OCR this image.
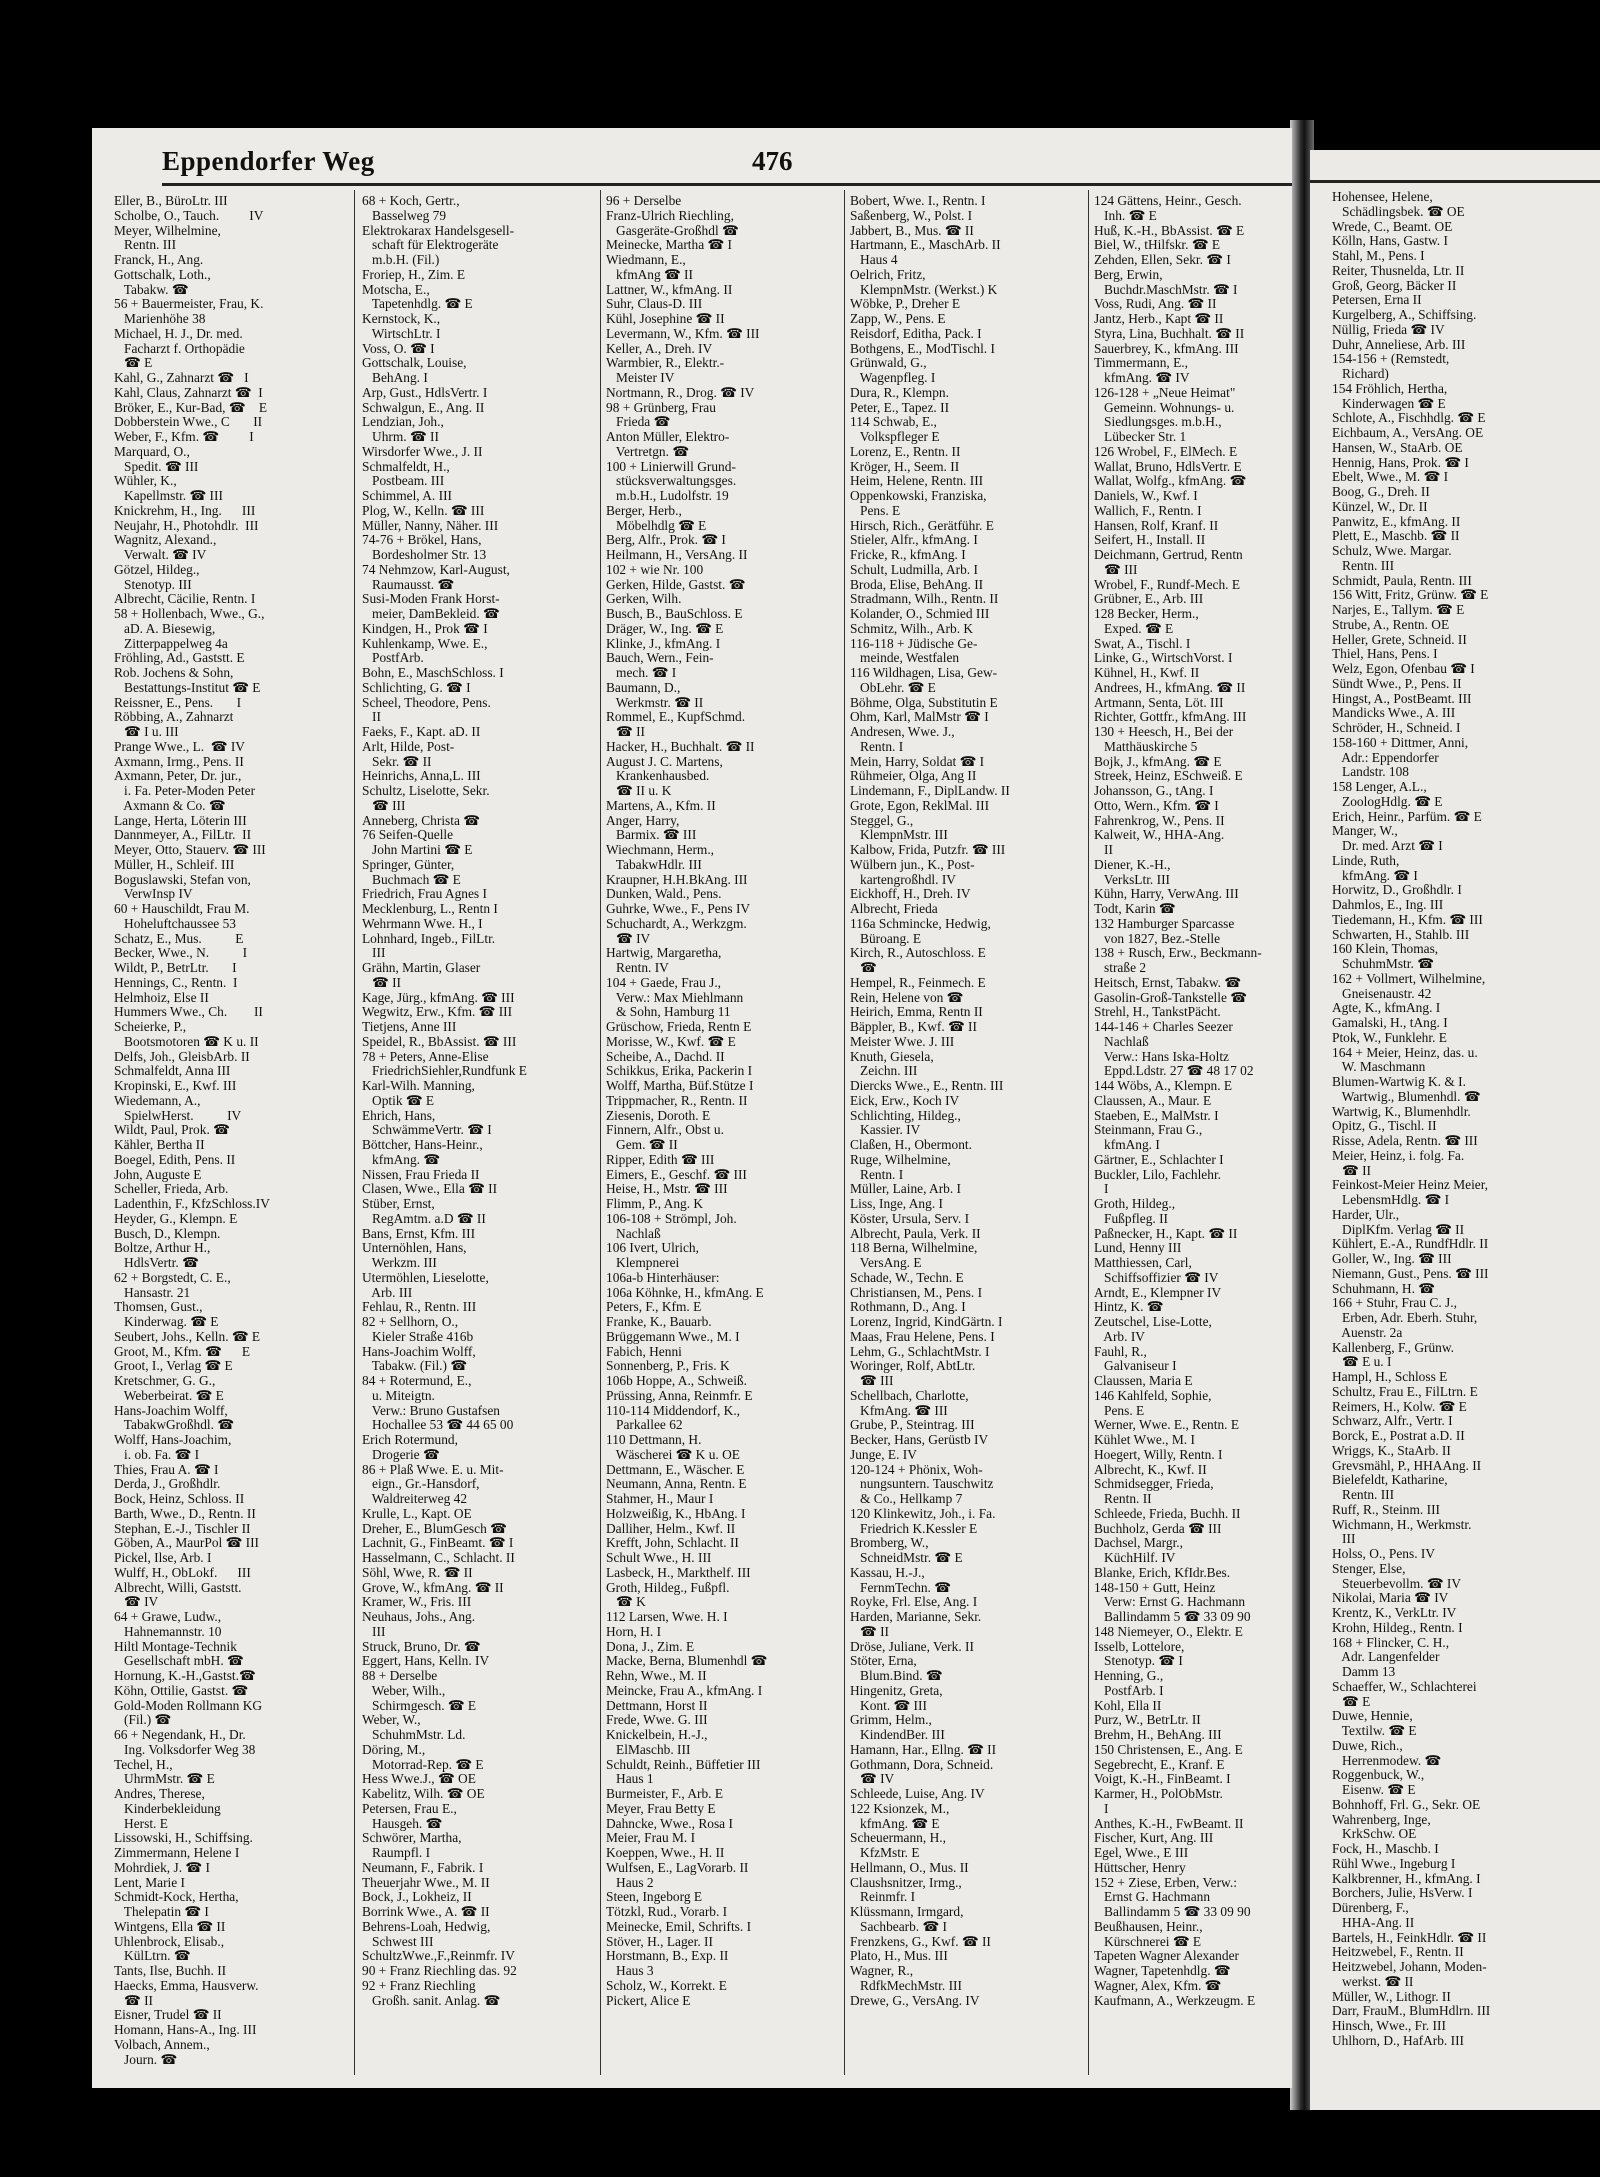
Eppendorfer Weg	476
Eller, B., BüroLtr. III
Scholbe, O., Tauch.         IV
Meyer, Wilhelmine,
Rentn. III
Franck, H., Ang.
Gottschalk, Loth.,
Tabakw. ☎
56 + Bauermeister, Frau, K.
Marienhöhe 38
Michael, H. J., Dr. med.
Facharzt f. Orthopädie
☎ E
Kahl, G., Zahnarzt ☎   I
Kahl, Claus, Zahnarzt ☎  I
Bröker, E., Kur-Bad, ☎    E
Dobberstein Wwe., C       II
Weber, F., Kfm. ☎         I
Marquard, O.,
Spedit. ☎ III
Wühler, K.,
Kapellmstr. ☎ III
Knickrehm, H., Ing.      III
Neujahr, H., Photohdlr.  III
Wagnitz, Alexand.,
Verwalt. ☎ IV
Götzel, Hildeg.,
Stenotyp. III
Albrecht, Cäcilie, Rentn. I
58 + Hollenbach, Wwe., G.,
aD. A. Biesewig,
Zitterpappelweg 4a
Fröhling, Ad., Gaststt. E
Rob. Jochens & Sohn,
Bestattungs-Institut ☎ E
Reissner, E., Pens.       I
Röbbing, A., Zahnarzt
☎ I u. III
Prange Wwe., L.  ☎ IV
Axmann, Irmg., Pens. II
Axmann, Peter, Dr. jur.,
i. Fa. Peter-Moden Peter
Axmann & Co. ☎
Lange, Herta, Löterin III
Dannmeyer, A., FilLtr.  II
Meyer, Otto, Stauerv. ☎ III
Müller, H., Schleif. III
Boguslawski, Stefan von,
VerwInsp IV
60 + Hauschildt, Frau M.
Hoheluftchaussee 53
Schatz, E., Mus.          E
Becker, Wwe., N.          I
Wildt, P., BetrLtr.       I
Hennings, C., Rentn.  I
Helmhoiz, Else II
Hummers Wwe., Ch.        II
Scheierke, P.,
Bootsmotoren ☎ K u. II
Delfs, Joh., GleisbArb. II
Schmalfeldt, Anna III
Kropinski, E., Kwf. III
Wiedemann, A.,
SpielwHerst.          IV
Wildt, Paul, Prok. ☎
Kähler, Bertha II
Boegel, Edith, Pens. II
John, Auguste E
Scheller, Frieda, Arb.
Ladenthin, F., KfzSchloss.IV
Heyder, G., Klempn. E
Busch, D., Klempn.
Boltze, Arthur H.,
HdlsVertr. ☎
62 + Borgstedt, C. E.,
Hansastr. 21
Thomsen, Gust.,
Kinderwag. ☎ E
Seubert, Johs., Kelln. ☎ E
Groot, M., Kfm. ☎      E
Groot, I., Verlag ☎ E
Kretschmer, G. G.,
Weberbeirat. ☎ E
Hans-Joachim Wolff,
TabakwGroßhdl. ☎
Wolff, Hans-Joachim,
i. ob. Fa. ☎ I
Thies, Frau A. ☎ I
Derda, J., Großhdlr.
Bock, Heinz, Schloss. II
Barth, Wwe., D., Rentn. II
Stephan, E.-J., Tischler II
Göben, A., MaurPol ☎ III
Pickel, Ilse, Arb. I
Wulff, H., ObLokf.      III
Albrecht, Willi, Gaststt.
☎ IV
64 + Grawe, Ludw.,
Hahnemannstr. 10
Hiltl Montage-Technik
Gesellschaft mbH. ☎
Hornung, K.-H.,Gastst.☎
Köhn, Ottilie, Gastst. ☎
Gold-Moden Rollmann KG
(Fil.) ☎
66 + Negendank, H., Dr.
Ing. Volksdorfer Weg 38
Techel, H.,
UhrmMstr. ☎ E
Andres, Therese,
Kinderbekleidung
Herst. E
Lissowski, H., Schiffsing.
Zimmermann, Helene I
Mohrdiek, J. ☎ I
Lent, Marie I
Schmidt-Kock, Hertha,
Thelepatin ☎ I
Wintgens, Ella ☎ II
Uhlenbrock, Elisab.,
KülLtrn. ☎
Tants, Ilse, Buchh. II
Haecks, Emma, Hausverw.
☎ II
Eisner, Trudel ☎ II
Homann, Hans-A., Ing. III
Volbach, Annem.,
Journ. ☎
68 + Koch, Gertr.,
Basselweg 79
Elektrokarax Handelsgesell-
schaft für Elektrogeräte
m.b.H. (Fil.)
Froriep, H., Zim. E
Motscha, E.,
Tapetenhdlg. ☎ E
Kernstock, K.,
WirtschLtr. I
Voss, O. ☎ I
Gottschalk, Louise,
BehAng. I
Arp, Gust., HdlsVertr. I
Schwalgun, E., Ang. II
Lendzian, Joh.,
Uhrm. ☎ II
Wirsdorfer Wwe., J. II
Schmalfeldt, H.,
Postbeam. III
Schimmel, A. III
Plog, W., Kelln. ☎ III
Müller, Nanny, Näher. III
74-76 + Brökel, Hans,
Bordesholmer Str. 13
74 Nehmzow, Karl-August,
Raumausst. ☎
Susi-Moden Frank Horst-
meier, DamBekleid. ☎
Kindgen, H., Prok ☎ I
Kuhlenkamp, Wwe. E.,
PostfArb.
Bohn, E., MaschSchloss. I
Schlichting, G. ☎ I
Scheel, Theodore, Pens.
II
Faeks, F., Kapt. aD. II
Arlt, Hilde, Post-
Sekr. ☎ II
Heinrichs, Anna,L. III
Schultz, Liselotte, Sekr.
☎ III
Anneberg, Christa ☎
76 Seifen-Quelle
John Martini ☎ E
Springer, Günter,
Buchmach ☎ E
Friedrich, Frau Agnes I
Mecklenburg, L., Rentn I
Wehrmann Wwe. H., I
Lohnhard, Ingeb., FilLtr.
III
Grähn, Martin, Glaser
☎ II
Kage, Jürg., kfmAng. ☎ III
Wegwitz, Erw., Kfm. ☎ III
Tietjens, Anne III
Speidel, R., BbAssist. ☎ III
78 + Peters, Anne-Elise
FriedrichSiehler,Rundfunk E
Karl-Wilh. Manning,
Optik ☎ E
Ehrich, Hans,
SchwämmeVertr. ☎ I
Böttcher, Hans-Heinr.,
kfmAng. ☎
Nissen, Frau Frieda II
Clasen, Wwe., Ella ☎ II
Stüber, Ernst,
RegAmtm. a.D ☎ II
Bans, Ernst, Kfm. III
Unternöhlen, Hans,
Werkzm. III
Utermöhlen, Lieselotte,
Arb. III
Fehlau, R., Rentn. III
82 + Sellhorn, O.,
Kieler Straße 416b
Hans-Joachim Wolff,
Tabakw. (Fil.) ☎
84 + Rotermund, E.,
u. Miteigtn.
Verw.: Bruno Gustafsen
Hochallee 53 ☎ 44 65 00
Erich Rotermund,
Drogerie ☎
86 + Plaß Wwe. E. u. Mit-
eign., Gr.-Hansdorf,
Waldreiterweg 42
Krulle, L., Kapt. OE
Dreher, E., BlumGesch ☎
Lachnit, G., FinBeamt. ☎ I
Hasselmann, C., Schlacht. II
Söhl, Wwe, R. ☎ II
Grove, W., kfmAng. ☎ II
Kramer, W., Fris. III
Neuhaus, Johs., Ang.
III
Struck, Bruno, Dr. ☎
Eggert, Hans, Kelln. IV
88 + Derselbe
Weber, Wilh.,
Schirmgesch. ☎ E
Weber, W.,
SchuhmMstr. Ld.
Döring, M.,
Motorrad-Rep. ☎ E
Hess Wwe.J., ☎ OE
Kabelitz, Wilh. ☎ OE
Petersen, Frau E.,
Hausgeh. ☎
Schwörer, Martha,
Raumpfl. I
Neumann, F., Fabrik. I
Theuerjahr Wwe., M. II
Bock, J., Lokheiz, II
Borrink Wwe., A. ☎ II
Behrens-Loah, Hedwig,
Schwest III
SchultzWwe.,F.,Reinmfr. IV
90 + Franz Riechling das. 92
92 + Franz Riechling
Großh. sanit. Anlag. ☎
96 + Derselbe
Franz-Ulrich Riechling,
Gasgeräte-Großhdl ☎
Meinecke, Martha ☎ I
Wiedmann, E.,
kfmAng ☎ II
Lattner, W., kfmAng. II
Suhr, Claus-D. III
Kühl, Josephine ☎ II
Levermann, W., Kfm. ☎ III
Keller, A., Dreh. IV
Warmbier, R., Elektr.-
Meister IV
Nortmann, R., Drog. ☎ IV
98 + Grünberg, Frau
Frieda ☎
Anton Müller, Elektro-
Vertretgn. ☎
100 + Linierwill Grund-
stücksverwaltungsges.
m.b.H., Ludolfstr. 19
Berger, Herb.,
Möbelhdlg ☎ E
Berg, Alfr., Prok. ☎ I
Heilmann, H., VersAng. II
102 + wie Nr. 100
Gerken, Hilde, Gastst. ☎
Gerken, Wilh.
Busch, B., BauSchloss. E
Dräger, W., Ing. ☎ E
Klinke, J., kfmAng. I
Bauch, Wern., Fein-
mech. ☎ I
Baumann, D.,
Werkmstr. ☎ II
Rommel, E., KupfSchmd.
☎ II
Hacker, H., Buchhalt. ☎ II
August J. C. Martens,
Krankenhausbed.
☎ II u. K
Martens, A., Kfm. II
Anger, Harry,
Barmix. ☎ III
Wiechmann, Herm.,
TabakwHdlr. III
Kraupner, H.H.BkAng. III
Dunken, Wald., Pens.
Guhrke, Wwe., F., Pens IV
Schuchardt, A., Werkzgm.
☎ IV
Hartwig, Margaretha,
Rentn. IV
104 + Gaede, Frau J.,
Verw.: Max Miehlmann
& Sohn, Hamburg 11
Grüschow, Frieda, Rentn E
Morisse, W., Kwf. ☎ E
Scheibe, A., Dachd. II
Schikkus, Erika, Packerin I
Wolff, Martha, Büf.Stütze I
Trippmacher, R., Rentn. II
Ziesenis, Doroth. E
Finnern, Alfr., Obst u.
Gem. ☎ II
Ripper, Edith ☎ III
Eimers, E., Geschf. ☎ III
Heise, H., Mstr. ☎ III
Flimm, P., Ang. K
106-108 + Strömpl, Joh.
Nachlaß
106 Ivert, Ulrich,
Klempnerei
106a-b Hinterhäuser:
106a Köhnke, H., kfmAng. E
Peters, F., Kfm. E
Franke, K., Bauarb.
Brüggemann Wwe., M. I
Fabich, Henni
Sonnenberg, P., Fris. K
106b Hoppe, A., Schweiß.
Prüssing, Anna, Reinmfr. E
110-114 Middendorf, K.,
Parkallee 62
110 Dettmann, H.
Wäscherei ☎ K u. OE
Dettmann, E., Wäscher. E
Neumann, Anna, Rentn. E
Stahmer, H., Maur I
Holzweißig, K., HbAng. I
Dalliher, Helm., Kwf. II
Krefft, John, Schlacht. II
Schult Wwe., H. III
Lasbeck, H., Markthelf. III
Groth, Hildeg., Fußpfl.
☎ K
112 Larsen, Wwe. H. I
Horn, H. I
Dona, J., Zim. E
Macke, Berna, Blumenhdl ☎
Rehn, Wwe., M. II
Meincke, Frau A., kfmAng. I
Dettmann, Horst II
Frede, Wwe. G. III
Knickelbein, H.-J.,
ElMaschb. III
Schuldt, Reinh., Büffetier III
Haus 1
Burmeister, F., Arb. E
Meyer, Frau Betty E
Dahncke, Wwe., Rosa I
Meier, Frau M. I
Koeppen, Wwe., H. II
Wulfsen, E., LagVorarb. II
Haus 2
Steen, Ingeborg E
Tötzkl, Rud., Vorarb. I
Meinecke, Emil, Schrifts. I
Stöver, H., Lager. II
Horstmann, B., Exp. II
Haus 3
Scholz, W., Korrekt. E
Pickert, Alice E
Bobert, Wwe. I., Rentn. I
Saßenberg, W., Polst. I
Jabbert, B., Mus. ☎ II
Hartmann, E., MaschArb. II
Haus 4
Oelrich, Fritz,
KlempnMstr. (Werkst.) K
Wöbke, P., Dreher E
Zapp, W., Pens. E
Reisdorf, Editha, Pack. I
Bothgens, E., ModTischl. I
Grünwald, G.,
Wagenpfleg. I
Dura, R., Klempn.
Peter, E., Tapez. II
114 Schwab, E.,
Volkspfleger E
Lorenz, E., Rentn. II
Kröger, H., Seem. II
Heim, Helene, Rentn. III
Oppenkowski, Franziska,
Pens. E
Hirsch, Rich., Gerätführ. E
Stieler, Alfr., kfmAng. I
Fricke, R., kfmAng. I
Schult, Ludmilla, Arb. I
Broda, Elise, BehAng. II
Stradmann, Wilh., Rentn. II
Kolander, O., Schmied III
Schmitz, Wilh., Arb. K
116-118 + Jüdische Ge-
meinde, Westfalen
116 Wildhagen, Lisa, Gew-
ObLehr. ☎ E
Böhme, Olga, Substitutin E
Ohm, Karl, MalMstr ☎ I
Andresen, Wwe. J.,
Rentn. I
Mein, Harry, Soldat ☎ I
Rühmeier, Olga, Ang II
Lindemann, F., DiplLandw. II
Grote, Egon, ReklMal. III
Steggel, G.,
KlempnMstr. III
Kalbow, Frida, Putzfr. ☎ III
Wülbern jun., K., Post-
kartengroßhdl. IV
Eickhoff, H., Dreh. IV
Albrecht, Frieda
116a Schmincke, Hedwig,
Büroang. E
Kirch, R., Autoschloss. E
☎
Hempel, R., Feinmech. E
Rein, Helene von ☎
Heirich, Emma, Rentn II
Bäppler, B., Kwf. ☎ II
Meister Wwe. J. III
Knuth, Giesela,
Zeichn. III
Diercks Wwe., E., Rentn. III
Eick, Erw., Koch IV
Schlichting, Hildeg.,
Kassier. IV
Claßen, H., Obermont.
Ruge, Wilhelmine,
Rentn. I
Müller, Laine, Arb. I
Liss, Inge, Ang. I
Köster, Ursula, Serv. I
Albrecht, Paula, Verk. II
118 Berna, Wilhelmine,
VersAng. E
Schade, W., Techn. E
Christiansen, M., Pens. I
Rothmann, D., Ang. I
Lorenz, Ingrid, KindGärtn. I
Maas, Frau Helene, Pens. I
Lehm, G., SchlachtMstr. I
Woringer, Rolf, AbtLtr.
☎ III
Schellbach, Charlotte,
KfmAng. ☎ III
Grube, P., Steintrag. III
Becker, Hans, Gerüstb IV
Junge, E. IV
120-124 + Phönix, Woh-
nungsuntern. Tauschwitz
& Co., Hellkamp 7
120 Klinkewitz, Joh., i. Fa.
Friedrich K.Kessler E
Bromberg, W.,
SchneidMstr. ☎ E
Kassau, H.-J.,
FernmTechn. ☎
Royke, Frl. Else, Ang. I
Harden, Marianne, Sekr.
☎ II
Dröse, Juliane, Verk. II
Stöter, Erna,
Blum.Bind. ☎
Hingenitz, Greta,
Kont. ☎ III
Grimm, Helm.,
KindendBer. III
Hamann, Har., Ellng. ☎ II
Gothmann, Dora, Schneid.
☎ IV
Schleede, Luise, Ang. IV
122 Ksionzek, M.,
kfmAng. ☎ E
Scheuermann, H.,
KfzMstr. E
Hellmann, O., Mus. II
Claushsnitzer, Irmg.,
Reinmfr. I
Klüssmann, Irmgard,
Sachbearb. ☎ I
Frenzkens, G., Kwf. ☎ II
Plato, H., Mus. III
Wagner, R.,
RdfkMechMstr. III
Drewe, G., VersAng. IV
124 Gättens, Heinr., Gesch.
Inh. ☎ E
Huß, K.-H., BbAssist. ☎ E
Biel, W., tHilfskr. ☎ E
Zehden, Ellen, Sekr. ☎ I
Berg, Erwin,
Buchdr.MaschMstr. ☎ I
Voss, Rudi, Ang. ☎ II
Jantz, Herb., Kapt ☎ II
Styra, Lina, Buchhalt. ☎ II
Sauerbrey, K., kfmAng. III
Timmermann, E.,
kfmAng. ☎ IV
126-128 + „Neue Heimat"
Gemeinn. Wohnungs- u.
Siedlungsges. m.b.H.,
Lübecker Str. 1
126 Wrobel, F., ElMech. E
Wallat, Bruno, HdlsVertr. E
Wallat, Wolfg., kfmAng. ☎
Daniels, W., Kwf. I
Wallich, F., Rentn. I
Hansen, Rolf, Kranf. II
Seifert, H., Install. II
Deichmann, Gertrud, Rentn
☎ III
Wrobel, F., Rundf-Mech. E
Grübner, E., Arb. III
128 Becker, Herm.,
Exped. ☎ E
Swat, A., Tischl. I
Linke, G., WirtschVorst. I
Kühnel, H., Kwf. II
Andrees, H., kfmAng. ☎ II
Artmann, Senta, Löt. III
Richter, Gottfr., kfmAng. III
130 + Heesch, H., Bei der
Matthäuskirche 5
Bojk, J., kfmAng. ☎ E
Streek, Heinz, ESchweiß. E
Johansson, G., tAng. I
Otto, Wern., Kfm. ☎ I
Fahrenkrog, W., Pens. II
Kalweit, W., HHA-Ang.
II
Diener, K.-H.,
VerksLtr. III
Kühn, Harry, VerwAng. III
Todt, Karin ☎
132 Hamburger Sparcasse
von 1827, Bez.-Stelle
138 + Rusch, Erw., Beckmann-
straße 2
Heitsch, Ernst, Tabakw. ☎
Gasolin-Groß-Tankstelle ☎
Strehl, H., TankstPächt.
144-146 + Charles Seezer
Nachlaß
Verw.: Hans Iska-Holtz
Eppd.Ldstr. 27 ☎ 48 17 02
144 Wöbs, A., Klempn. E
Claussen, A., Maur. E
Staeben, E., MalMstr. I
Steinmann, Frau G.,
kfmAng. I
Gärtner, E., Schlachter I
Buckler, Lilo, Fachlehr.
I
Groth, Hildeg.,
Fußpfleg. II
Paßnecker, H., Kapt. ☎ II
Lund, Henny III
Matthiessen, Carl,
Schiffsoffizier ☎ IV
Arndt, E., Klempner IV
Hintz, K. ☎
Zeutschel, Lise-Lotte,
Arb. IV
Fauhl, R.,
Galvaniseur I
Claussen, Maria E
146 Kahlfeld, Sophie,
Pens. E
Werner, Wwe. E., Rentn. E
Kühlet Wwe., M. I
Hoegert, Willy, Rentn. I
Albrecht, K., Kwf. II
Schmidsegger, Frieda,
Rentn. II
Schleede, Frieda, Buchh. II
Buchholz, Gerda ☎ III
Dachsel, Margr.,
KüchHilf. IV
Blanke, Erich, KfIdr.Bes.
148-150 + Gutt, Heinz
Verw: Ernst G. Hachmann
Ballindamm 5 ☎ 33 09 90
148 Niemeyer, O., Elektr. E
Isselb, Lottelore,
Stenotyp. ☎ I
Henning, G.,
PostfArb. I
Kohl, Ella II
Purz, W., BetrLtr. II
Brehm, H., BehAng. III
150 Christensen, E., Ang. E
Segebrecht, E., Kranf. E
Voigt, K.-H., FinBeamt. I
Karmer, H., PolObMstr.
I
Anthes, K.-H., FwBeamt. II
Fischer, Kurt, Ang. III
Egel, Wwe., E III
Hüttscher, Henry
152 + Ziese, Erben, Verw.:
Ernst G. Hachmann
Ballindamm 5 ☎ 33 09 90
Beußhausen, Heinr.,
Kürschnerei ☎ E
Tapeten Wagner Alexander
Wagner, Tapetenhdlg. ☎
Wagner, Alex, Kfm. ☎
Kaufmann, A., Werkzeugm. E
Hohensee, Helene,
Schädlingsbek. ☎ OE
Wrede, C., Beamt. OE
Kölln, Hans, Gastw. I
Stahl, M., Pens. I
Reiter, Thusnelda, Ltr. II
Groß, Georg, Bäcker II
Petersen, Erna II
Kurgelberg, A., Schiffsing.
Nüllig, Frieda ☎ IV
Duhr, Anneliese, Arb. III
154-156 + (Remstedt,
Richard)
154 Fröhlich, Hertha,
Kinderwagen ☎ E
Schlote, A., Fischhdlg. ☎ E
Eichbaum, A., VersAng. OE
Hansen, W., StaArb. OE
Hennig, Hans, Prok. ☎ I
Ebelt, Wwe., M. ☎ I
Boog, G., Dreh. II
Künzel, W., Dr. II
Panwitz, E., kfmAng. II
Plett, E., Maschb. ☎ II
Schulz, Wwe. Margar.
Rentn. III
Schmidt, Paula, Rentn. III
156 Witt, Fritz, Grünw. ☎ E
Narjes, E., Tallym. ☎ E
Strube, A., Rentn. OE
Heller, Grete, Schneid. II
Thiel, Hans, Pens. I
Welz, Egon, Ofenbau ☎ I
Sündt Wwe., P., Pens. II
Hingst, A., PostBeamt. III
Mandicks Wwe., A. III
Schröder, H., Schneid. I
158-160 + Dittmer, Anni,
Adr.: Eppendorfer
Landstr. 108
158 Lenger, A.L.,
ZoologHdlg. ☎ E
Erich, Heinr., Parfüm. ☎ E
Manger, W.,
Dr. med. Arzt ☎ I
Linde, Ruth,
kfmAng. ☎ I
Horwitz, D., Großhdlr. I
Dahmlos, E., Ing. III
Tiedemann, H., Kfm. ☎ III
Schwarten, H., Stahlb. III
160 Klein, Thomas,
SchuhmMstr. ☎
162 + Vollmert, Wilhelmine,
Gneisenaustr. 42
Agte, K., kfmAng. I
Gamalski, H., tAng. I
Ptok, W., Funklehr. E
164 + Meier, Heinz, das. u.
W. Maschmann
Blumen-Wartwig K. & I.
Wartwig., Blumenhdl. ☎
Wartwig, K., Blumenhdlr.
Opitz, G., Tischl. II
Risse, Adela, Rentn. ☎ III
Meier, Heinz, i. folg. Fa.
☎ II
Feinkost-Meier Heinz Meier,
LebensmHdlg. ☎ I
Harder, Ulr.,
DiplKfm. Verlag ☎ II
Kühlert, E.-A., RundfHdlr. II
Goller, W., Ing. ☎ III
Niemann, Gust., Pens. ☎ III
Schuhmann, H. ☎
166 + Stuhr, Frau C. J.,
Erben, Adr. Eberh. Stuhr,
Auenstr. 2a
Kallenberg, F., Grünw.
☎ E u. I
Hampl, H., Schloss E
Schultz, Frau E., FilLtrn. E
Reimers, H., Kolw. ☎ E
Schwarz, Alfr., Vertr. I
Borck, E., Postrat a.D. II
Wriggs, K., StaArb. II
Grevsmähl, P., HHAAng. II
Bielefeldt, Katharine,
Rentn. III
Ruff, R., Steinm. III
Wichmann, H., Werkmstr.
III
Holss, O., Pens. IV
Stenger, Else,
Steuerbevollm. ☎ IV
Nikolai, Maria ☎ IV
Krentz, K., VerkLtr. IV
Krohn, Hildeg., Rentn. I
168 + Flincker, C. H.,
Adr. Langenfelder
Damm 13
Schaeffer, W., Schlachterei
☎ E
Duwe, Hennie,
Textilw. ☎ E
Duwe, Rich.,
Herrenmodew. ☎
Roggenbuck, W.,
Eisenw. ☎ E
Bohnhoff, Frl. G., Sekr. OE
Wahrenberg, Inge,
KrkSchw. OE
Fock, H., Maschb. I
Rühl Wwe., Ingeburg I
Kalkbrenner, H., kfmAng. I
Borchers, Julie, HsVerw. I
Dürenberg, F.,
HHA-Ang. II
Bartels, H., FeinkHdlr. ☎ II
Heitzwebel, F., Rentn. II
Heitzwebel, Johann, Moden-
werkst. ☎ II
Müller, W., Lithogr. II
Darr, FrauM., BlumHdlrn. III
Hinsch, Wwe., Fr. III
Uhlhorn, D., HafArb. III
